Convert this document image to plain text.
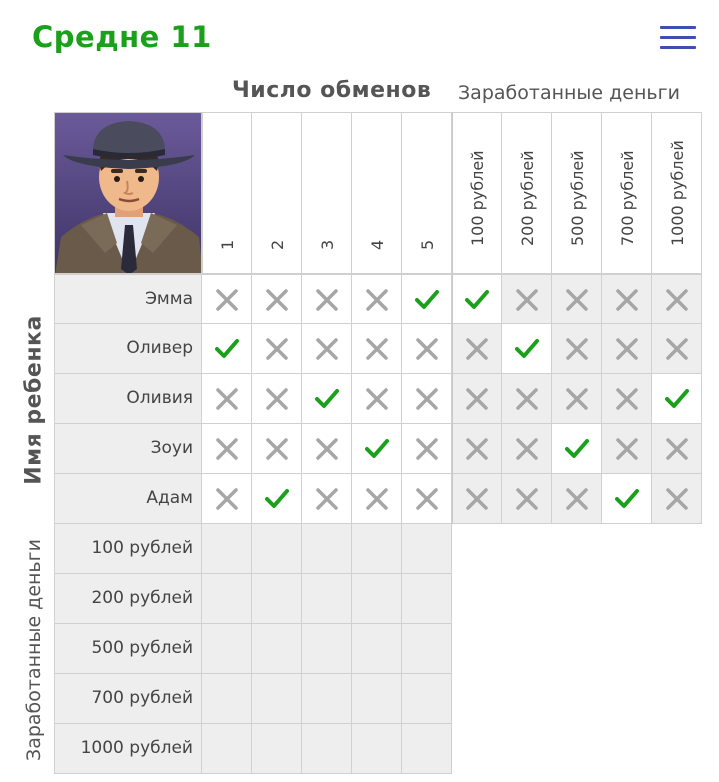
Средне 11
Число обменов Заработанные деньги
Имя ребенка
Заработанные деньги
1 2 3 4 5 100 рублей 200 рублей 500 рублей 700 рублей 1000 рублей
Эмма
Оливер
Оливия
Зоуи
Адам
100 рублей
200 рублей
500 рублей
700 рублей
1000 рублей
